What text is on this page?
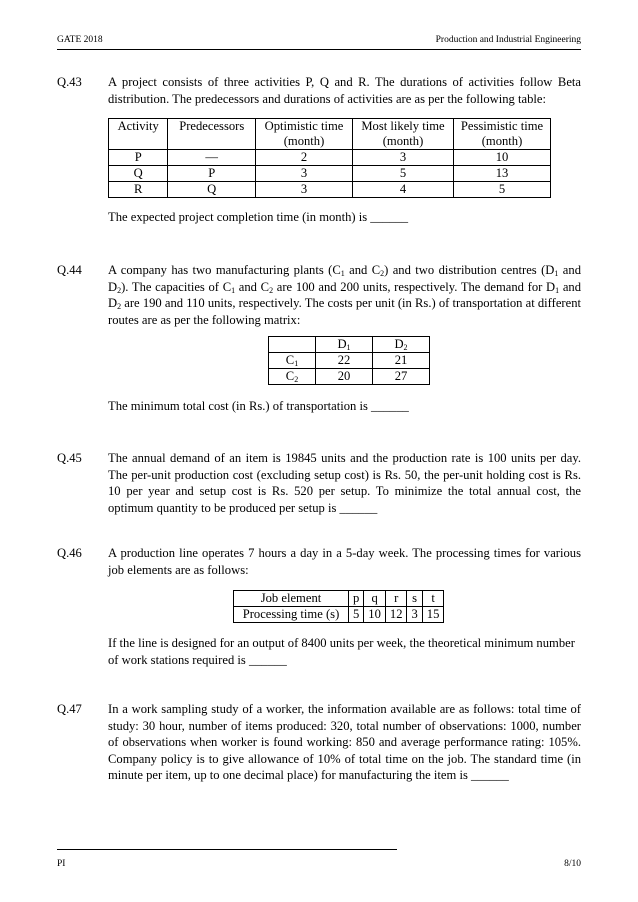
GATE 2018	Production and Industrial Engineering
Q.43 A project consists of three activities P, Q and R. The durations of activities follow Beta distribution. The predecessors and durations of activities are as per the following table:
Activity	Predecessors	Optimistic time (month)	Most likely time (month)	Pessimistic time (month)
P	—	2	3	10
Q	P	3	5	13
R	Q	3	4	5
The expected project completion time (in month) is ______
Q.44 A company has two manufacturing plants ($C_1$ and $C_2$) and two distribution centres ($D_1$ and $D_2$). The capacities of $C_1$ and $C_2$ are 100 and 200 units, respectively. The demand for $D_1$ and $D_2$ are 190 and 110 units, respectively. The costs per unit (in Rs.) of transportation at different routes are as per the following matrix:
	$D_1$	$D_2$
$C_1$	22	21
$C_2$	20	27
The minimum total cost (in Rs.) of transportation is ______
Q.45 The annual demand of an item is 19845 units and the production rate is 100 units per day. The per-unit production cost (excluding setup cost) is Rs. 50, the per-unit holding cost is Rs. 10 per year and setup cost is Rs. 520 per setup. To minimize the total annual cost, the optimum quantity to be produced per setup is ______
Q.46 A production line operates 7 hours a day in a 5-day week. The processing times for various job elements are as follows:
Job element	p	q	r	s	t
Processing time (s)	5	10	12	3	15
If the line is designed for an output of 8400 units per week, the theoretical minimum number of work stations required is ______
Q.47 In a work sampling study of a worker, the information available are as follows: total time of study: 30 hour, number of items produced: 320, total number of observations: 1000, number of observations when worker is found working: 850 and average performance rating: 105%. Company policy is to give allowance of 10% of total time on the job. The standard time (in minute per item, up to one decimal place) for manufacturing the item is ______
PI	8/10
